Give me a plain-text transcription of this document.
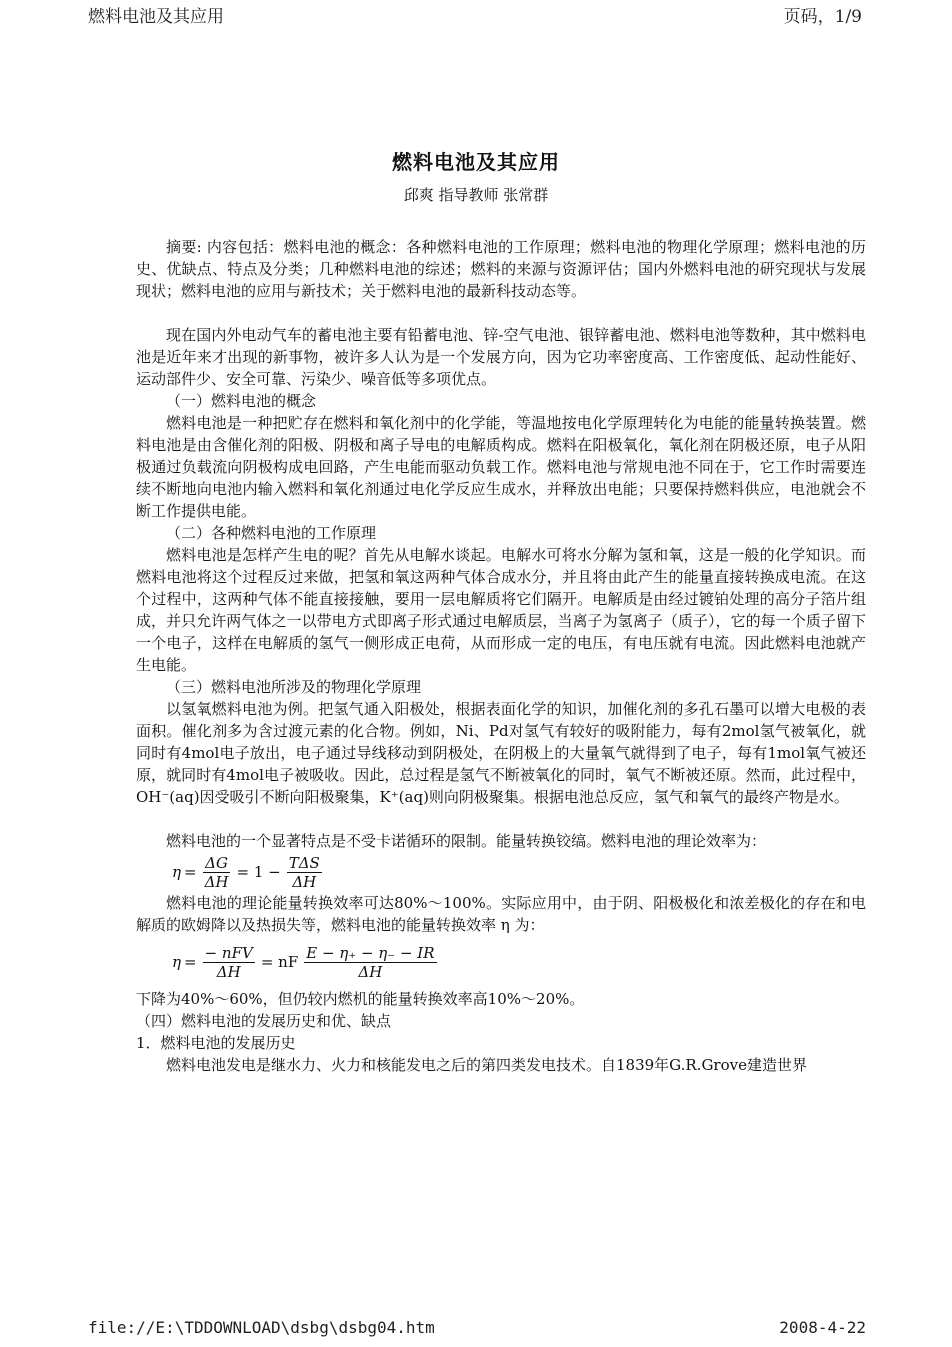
燃料电池及其应用	页码，1/9
燃料电池及其应用
邱爽 指导教师 张常群

摘要: 内容包括：燃料电池的概念：各种燃料电池的工作原理；燃料电池的物理化学原理；燃料电池的历史、优缺点、特点及分类；几种燃料电池的综述；燃料的来源与资源评估；国内外燃料电池的研究现状与发展现状；燃料电池的应用与新技术；关于燃料电池的最新科技动态等。

现在国内外电动气车的蓄电池主要有铅蓄电池、锌-空气电池、银锌蓄电池、燃料电池等数种，其中燃料电池是近年来才出现的新事物，被许多人认为是一个发展方向，因为它功率密度高、工作密度低、起动性能好、运动部件少、安全可靠、污染少、噪音低等多项优点。

（一）燃料电池的概念

燃料电池是一种把贮存在燃料和氧化剂中的化学能，等温地按电化学原理转化为电能的能量转换装置。燃料电池是由含催化剂的阳极、阴极和离子导电的电解质构成。燃料在阳极氧化，氧化剂在阴极还原，电子从阳极通过负载流向阴极构成电回路，产生电能而驱动负载工作。燃料电池与常规电池不同在于，它工作时需要连续不断地向电池内输入燃料和氧化剂通过电化学反应生成水，并释放出电能；只要保持燃料供应，电池就会不断工作提供电能。

（二）各种燃料电池的工作原理

燃料电池是怎样产生电的呢？首先从电解水谈起。电解水可将水分解为氢和氧，这是一般的化学知识。而燃料电池将这个过程反过来做，把氢和氧这两种气体合成水分，并且将由此产生的能量直接转换成电流。在这个过程中，这两种气体不能直接接触，要用一层电解质将它们隔开。电解质是由经过镀铂处理的高分子箔片组成，并只允许两气体之一以带电方式即离子形式通过电解质层，当离子为氢离子（质子），它的每一个质子留下一个电子，这样在电解质的氢气一侧形成正电荷，从而形成一定的电压，有电压就有电流。因此燃料电池就产生电能。

（三）燃料电池所涉及的物理化学原理

以氢氧燃料电池为例。把氢气通入阳极处，根据表面化学的知识，加催化剂的多孔石墨可以增大电极的表面积。催化剂多为含过渡元素的化合物。例如，Ni、Pd对氢气有较好的吸附能力，每有2mol氢气被氧化，就同时有4mol电子放出，电子通过导线移动到阴极处，在阴极上的大量氧气就得到了电子，每有1mol氧气被还原，就同时有4mol电子被吸收。因此，总过程是氢气不断被氧化的同时，氧气不断被还原。然而，此过程中，OH⁻(aq)因受吸引不断向阳极聚集，K⁺(aq)则向阴极聚集。根据电池总反应，氢气和氧气的最终产物是水。

燃料电池的一个显著特点是不受卡诺循环的限制。能量转换铰缟。燃料电池的理论效率为：

$\eta = \frac{\Delta G}{\Delta H} = 1 - \frac{\text{TΔS}}{\Delta H}$

燃料电池的理论能量转换效率可达80%～100%。实际应用中，由于阴、阳极极化和浓差极化的存在和电解质的欧姆降以及热损失等，燃料电池的能量转换效率 η 为：

$\eta = \frac{\text{− nFV}}{\Delta H}$ = nF $\frac{E - \eta_+ - \eta_- - IR}{\Delta H}$
下降为40%～60%，但仍较内燃机的能量转换效率高10%～20%。
（四）燃料电池的发展历史和优、缺点
1．燃料电池的发展历史

燃料电池发电是继水力、火力和核能发电之后的第四类发电技术。自1839年G.R.Grove建造世界

file://E:\TDDOWNLOAD\dsbg\dsbg04.htm	2008-4-22
